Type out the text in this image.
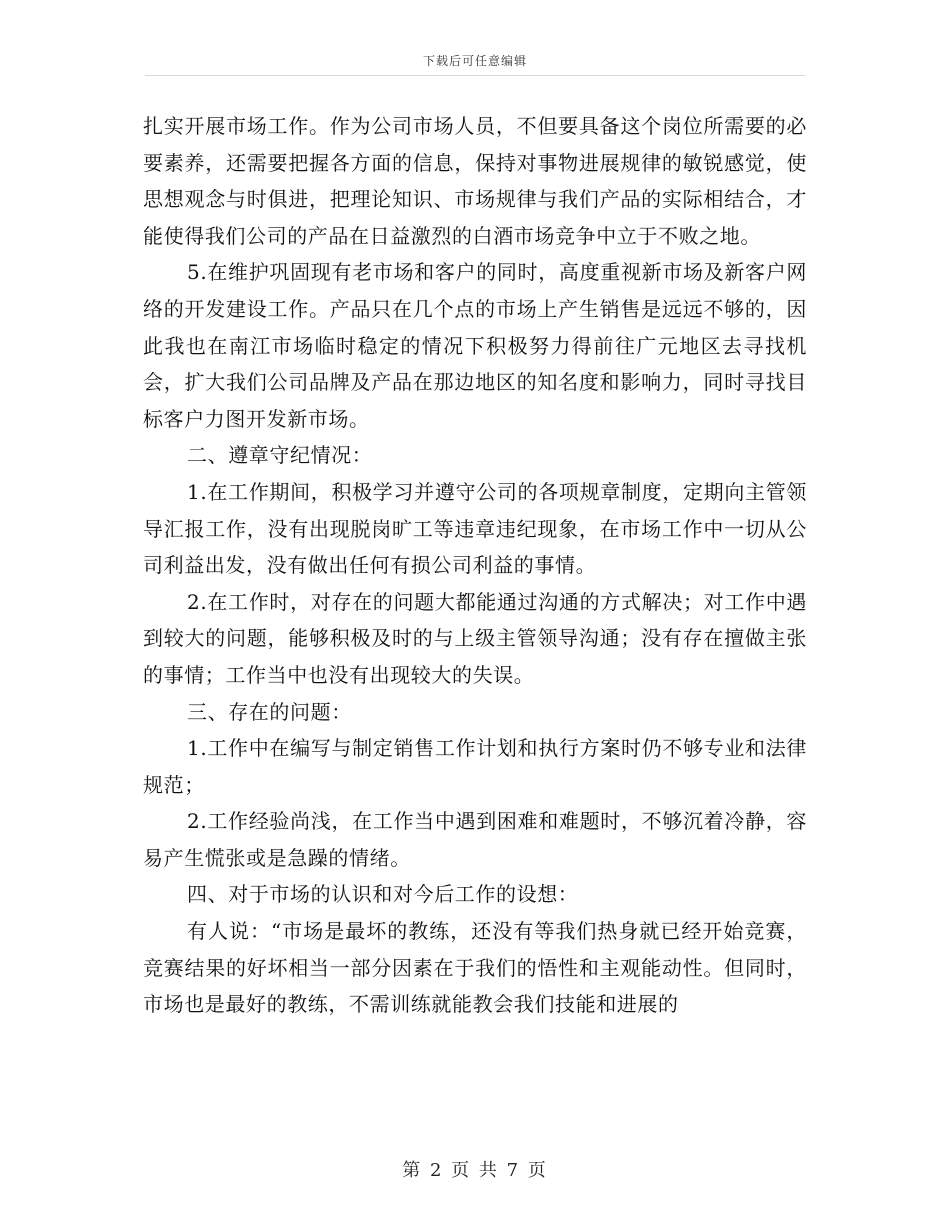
下载后可任意编辑

扎实开展市场工作。作为公司市场人员，不但要具备这个岗位所需要的必要素养，还需要把握各方面的信息，保持对事物进展规律的敏锐感觉，使思想观念与时俱进，把理论知识、市场规律与我们产品的实际相结合，才能使得我们公司的产品在日益激烈的白酒市场竞争中立于不败之地。

5.在维护巩固现有老市场和客户的同时，高度重视新市场及新客户网络的开发建设工作。产品只在几个点的市场上产生销售是远远不够的，因此我也在南江市场临时稳定的情况下积极努力得前往广元地区去寻找机会，扩大我们公司品牌及产品在那边地区的知名度和影响力，同时寻找目标客户力图开发新市场。

二、遵章守纪情况：

1.在工作期间，积极学习并遵守公司的各项规章制度，定期向主管领导汇报工作，没有出现脱岗旷工等违章违纪现象，在市场工作中一切从公司利益出发，没有做出任何有损公司利益的事情。

2.在工作时，对存在的问题大都能通过沟通的方式解决；对工作中遇到较大的问题，能够积极及时的与上级主管领导沟通；没有存在擅做主张的事情；工作当中也没有出现较大的失误。

三、存在的问题：

1.工作中在编写与制定销售工作计划和执行方案时仍不够专业和法律规范；

2.工作经验尚浅，在工作当中遇到困难和难题时，不够沉着冷静，容易产生慌张或是急躁的情绪。

四、对于市场的认识和对今后工作的设想：

有人说：“市场是最坏的教练，还没有等我们热身就已经开始竞赛，竞赛结果的好坏相当一部分因素在于我们的悟性和主观能动性。但同时，市场也是最好的教练，不需训练就能教会我们技能和进展的

第 2 页 共 7 页
